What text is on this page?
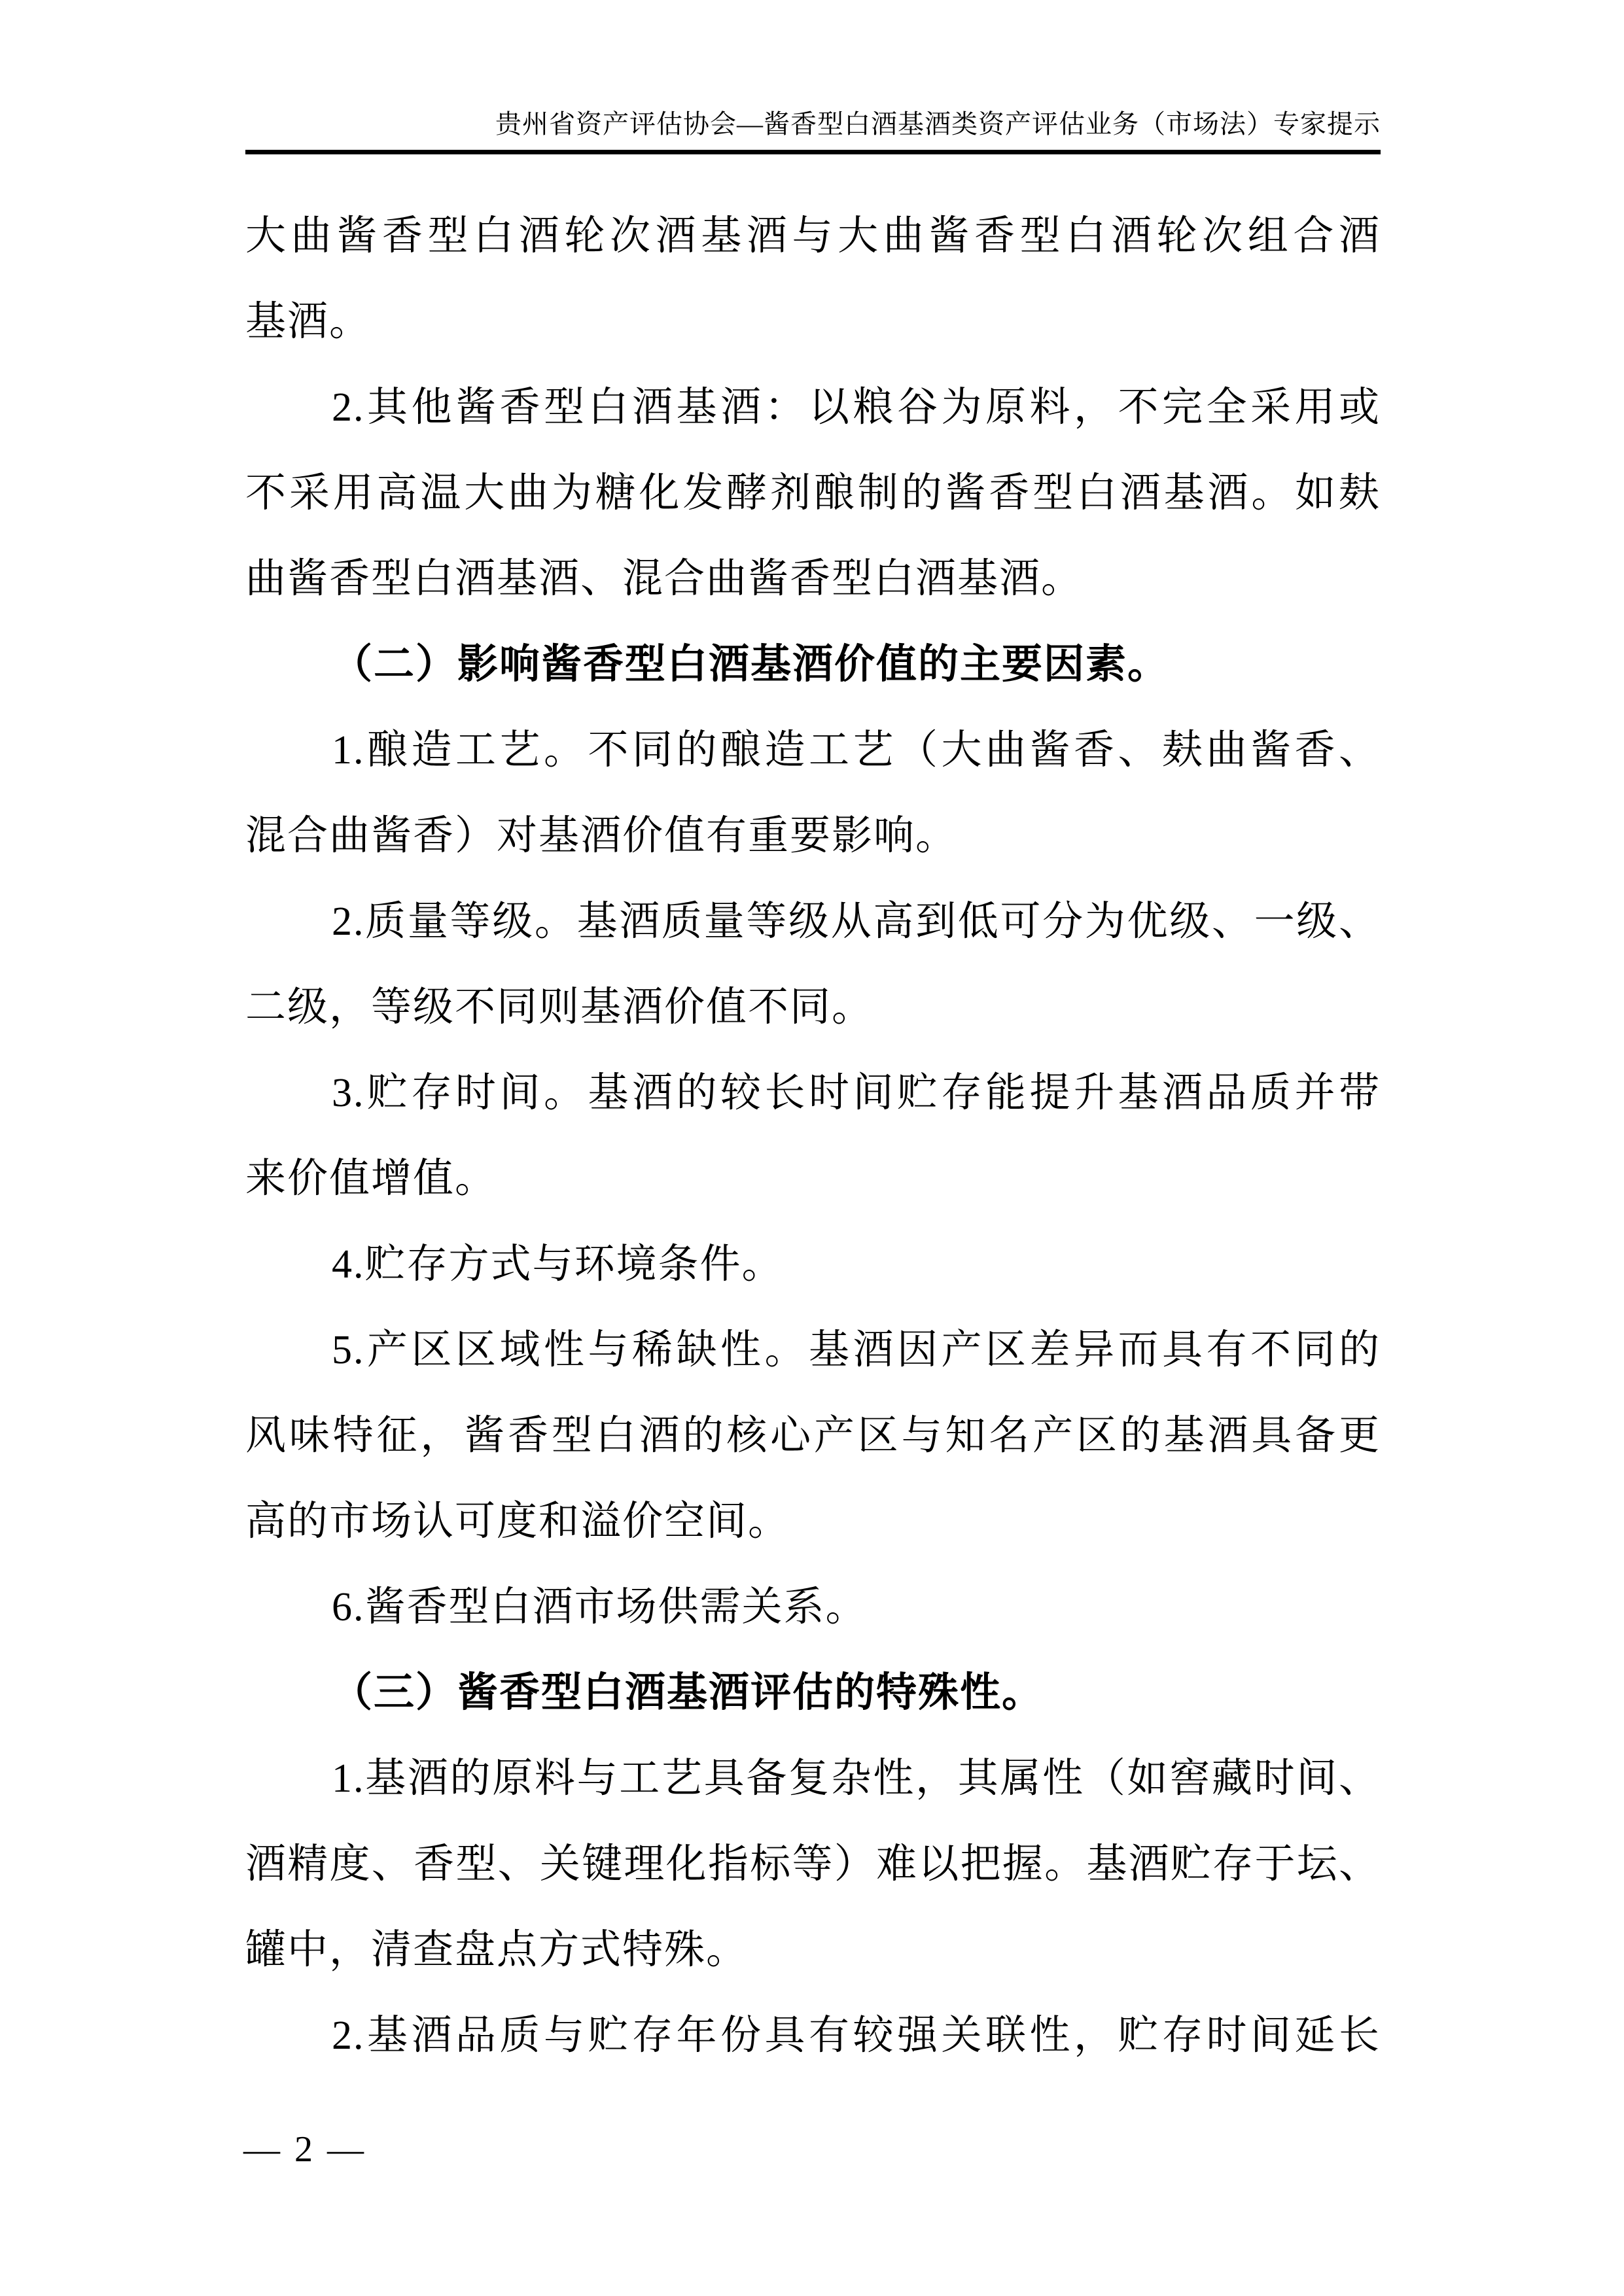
贵州省资产评估协会—酱香型白酒基酒类资产评估业务（市场法）专家提示
大曲酱香型白酒轮次酒基酒与大曲酱香型白酒轮次组合酒
基酒。
2.其他酱香型白酒基酒：以粮谷为原料，不完全采用或
不采用高温大曲为糖化发酵剂酿制的酱香型白酒基酒。如麸
曲酱香型白酒基酒、混合曲酱香型白酒基酒。
（二）影响酱香型白酒基酒价值的主要因素。
1.酿造工艺。不同的酿造工艺（大曲酱香、麸曲酱香、
混合曲酱香）对基酒价值有重要影响。
2.质量等级。基酒质量等级从高到低可分为优级、一级、
二级，等级不同则基酒价值不同。
3.贮存时间。基酒的较长时间贮存能提升基酒品质并带
来价值增值。
4.贮存方式与环境条件。
5.产区区域性与稀缺性。基酒因产区差异而具有不同的
风味特征，酱香型白酒的核心产区与知名产区的基酒具备更
高的市场认可度和溢价空间。
6.酱香型白酒市场供需关系。
（三）酱香型白酒基酒评估的特殊性。
1.基酒的原料与工艺具备复杂性，其属性（如窖藏时间、
酒精度、香型、关键理化指标等）难以把握。基酒贮存于坛、
罐中，清查盘点方式特殊。
2.基酒品质与贮存年份具有较强关联性，贮存时间延长
— 2 —
